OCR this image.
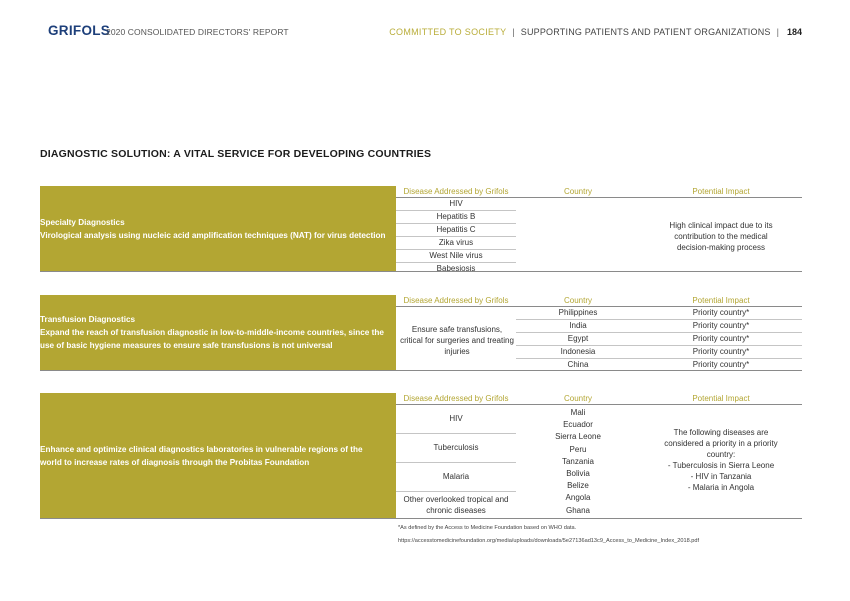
GRIFOLS
2020 CONSOLIDATED DIRECTORS' REPORT	COMMITTED TO SOCIETY | SUPPORTING PATIENTS AND PATIENT ORGANIZATIONS | 184
DIAGNOSTIC SOLUTION: A VITAL SERVICE FOR DEVELOPING COUNTRIES
Specialty Diagnostics
Virological analysis using nucleic acid amplification techniques (NAT) for virus detection
Disease Addressed by Grifols	Country	Potential Impact
HIV
Hepatitis B
Hepatitis C
Zika virus
West Nile virus
Babesiosis
High clinical impact due to its contribution to the medical decision-making process
Transfusion Diagnostics
Expand the reach of transfusion diagnostic in low-to-middle-income countries, since the use of basic hygiene measures to ensure safe transfusions is not universal
Disease Addressed by Grifols	Country	Potential Impact
Ensure safe transfusions, critical for surgeries and treating injuries
Philippines	Priority country*
India	Priority country*
Egypt	Priority country*
Indonesia	Priority country*
China	Priority country*
Enhance and optimize clinical diagnostics laboratories in vulnerable regions of the world to increase rates of diagnosis through the Probitas Foundation
Disease Addressed by Grifols	Country	Potential Impact
HIV
Tuberculosis
Malaria
Other overlooked tropical and chronic diseases
Mali
Ecuador
Sierra Leone
Peru
Tanzania
Bolivia
Belize
Angola
Ghana
The following diseases are considered a priority in a priority country:
- Tuberculosis in Sierra Leone
- HIV in Tanzania
- Malaria in Angola
*As defined by the Access to Medicine Foundation based on WHO data.
https://accesstomedicinefoundation.org/media/uploads/downloads/5e27136ad13c9_Access_to_Medicine_Index_2018.pdf
